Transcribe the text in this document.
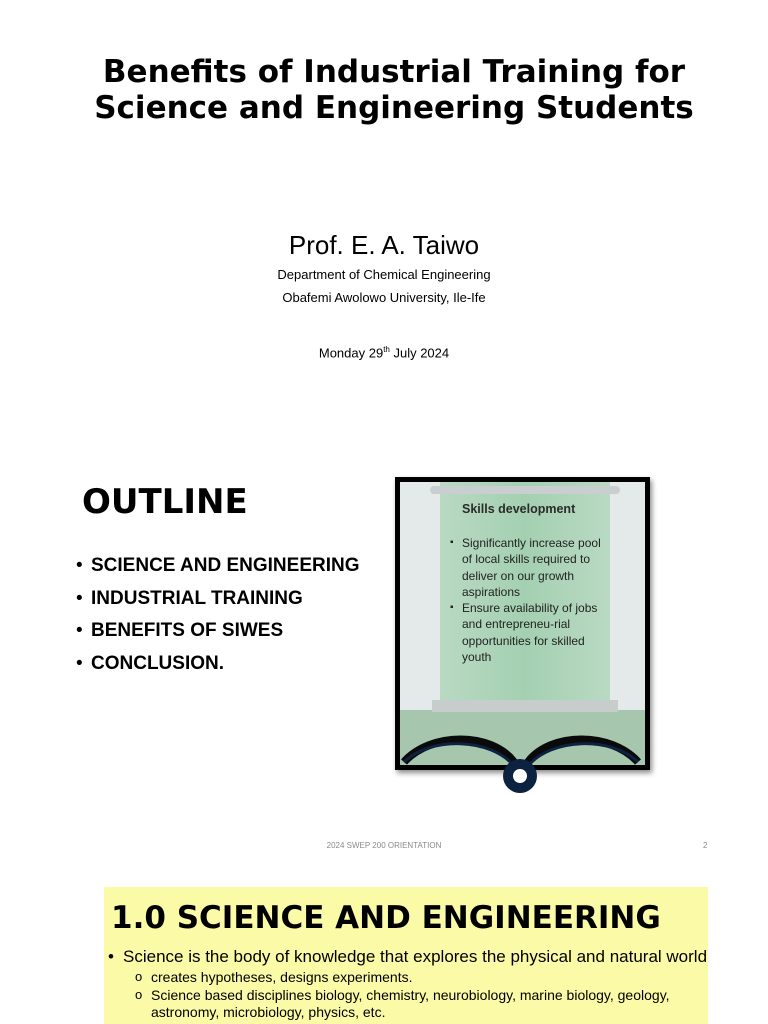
Benefits of Industrial Training for Science and Engineering Students
Prof. E. A. Taiwo
Department of Chemical Engineering
Obafemi Awolowo University, Ile-Ife
Monday 29th July 2024
OUTLINE
• SCIENCE AND ENGINEERING
• INDUSTRIAL TRAINING
• BENEFITS OF SIWES
• CONCLUSION.
Skills development
▪ Significantly increase pool of local skills required to deliver on our growth aspirations
▪ Ensure availability of jobs and entrepreneu-rial opportunities for skilled youth
2024 SWEP 200 ORIENTATION	2
1.0 SCIENCE AND ENGINEERING
• Science is the body of knowledge that explores the physical and natural world
o creates hypotheses, designs experiments.
o Science based disciplines biology, chemistry, neurobiology, marine biology, geology, astronomy, microbiology, physics, etc.
